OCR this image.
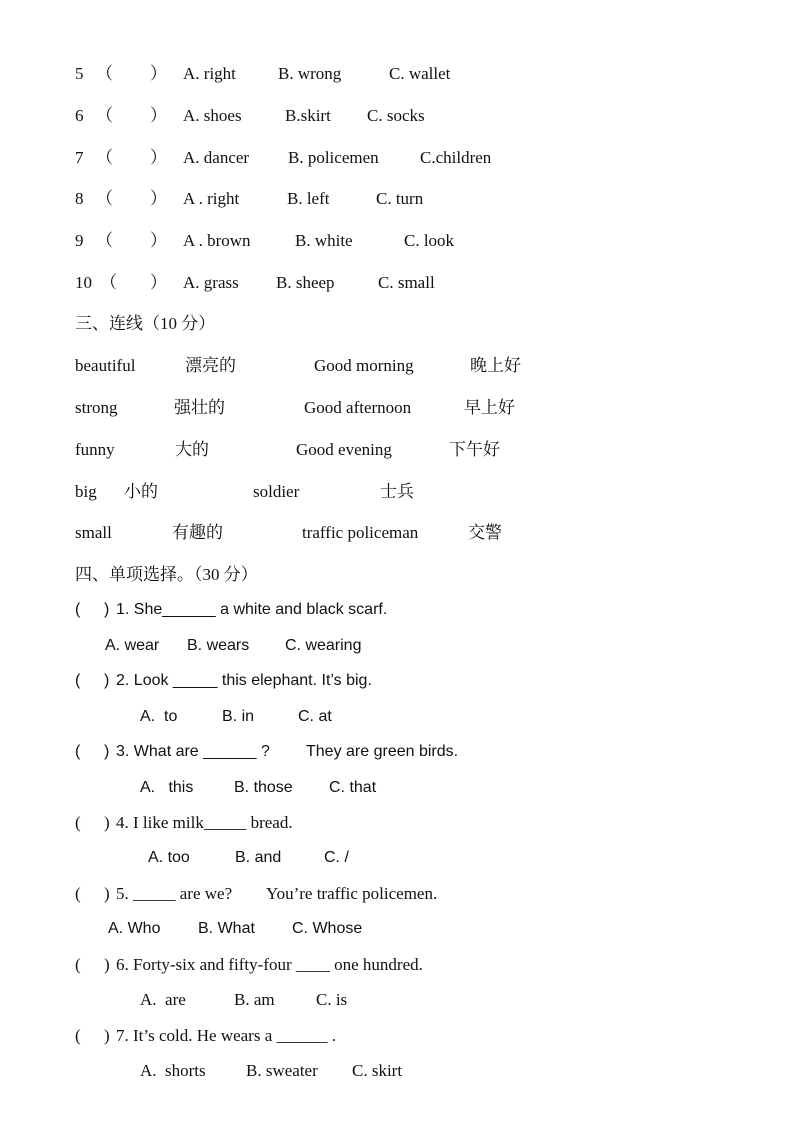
5 （ ） A. right B. wrong	C. wallet
6 （ ） A. shoes	B.skirt C. socks
7 （ ） A. dancer B. policemen C.children
8 （ ） A . right	B. left	C. turn
9 （ ） A . brown	B. white	C. look
10 （ ） A. grass B. sheep	C. small
三、连线（10 分）
beautiful	漂亮的	Good morning	晚上好
strong	强壮的	Good afternoon	早上好
funny	大的	Good evening	下午好
big 小的	soldier	士兵
small	有趣的	traffic policeman	交警
四、单项选择。（30 分）
( ) 1. She______ a white and black scarf.
A. wear B. wears C. wearing
( ) 2. Look _____ this elephant. It’s big.
A.  to	B. in	C. at
( ) 3. What are ______ ? They are green birds.
A.   this	B. those C. that
( ) 4. I like milk_____ bread.
A. too	B. and	C. /
( ) 5. _____ are we? You’re traffic policemen.
A. Who B. What C. Whose
( ) 6. Forty-six and fifty-four ____ one hundred.
A.  are	B. am C. is
( ) 7. It’s cold. He wears a ______ .
A.  shorts B. sweater C. skirt
